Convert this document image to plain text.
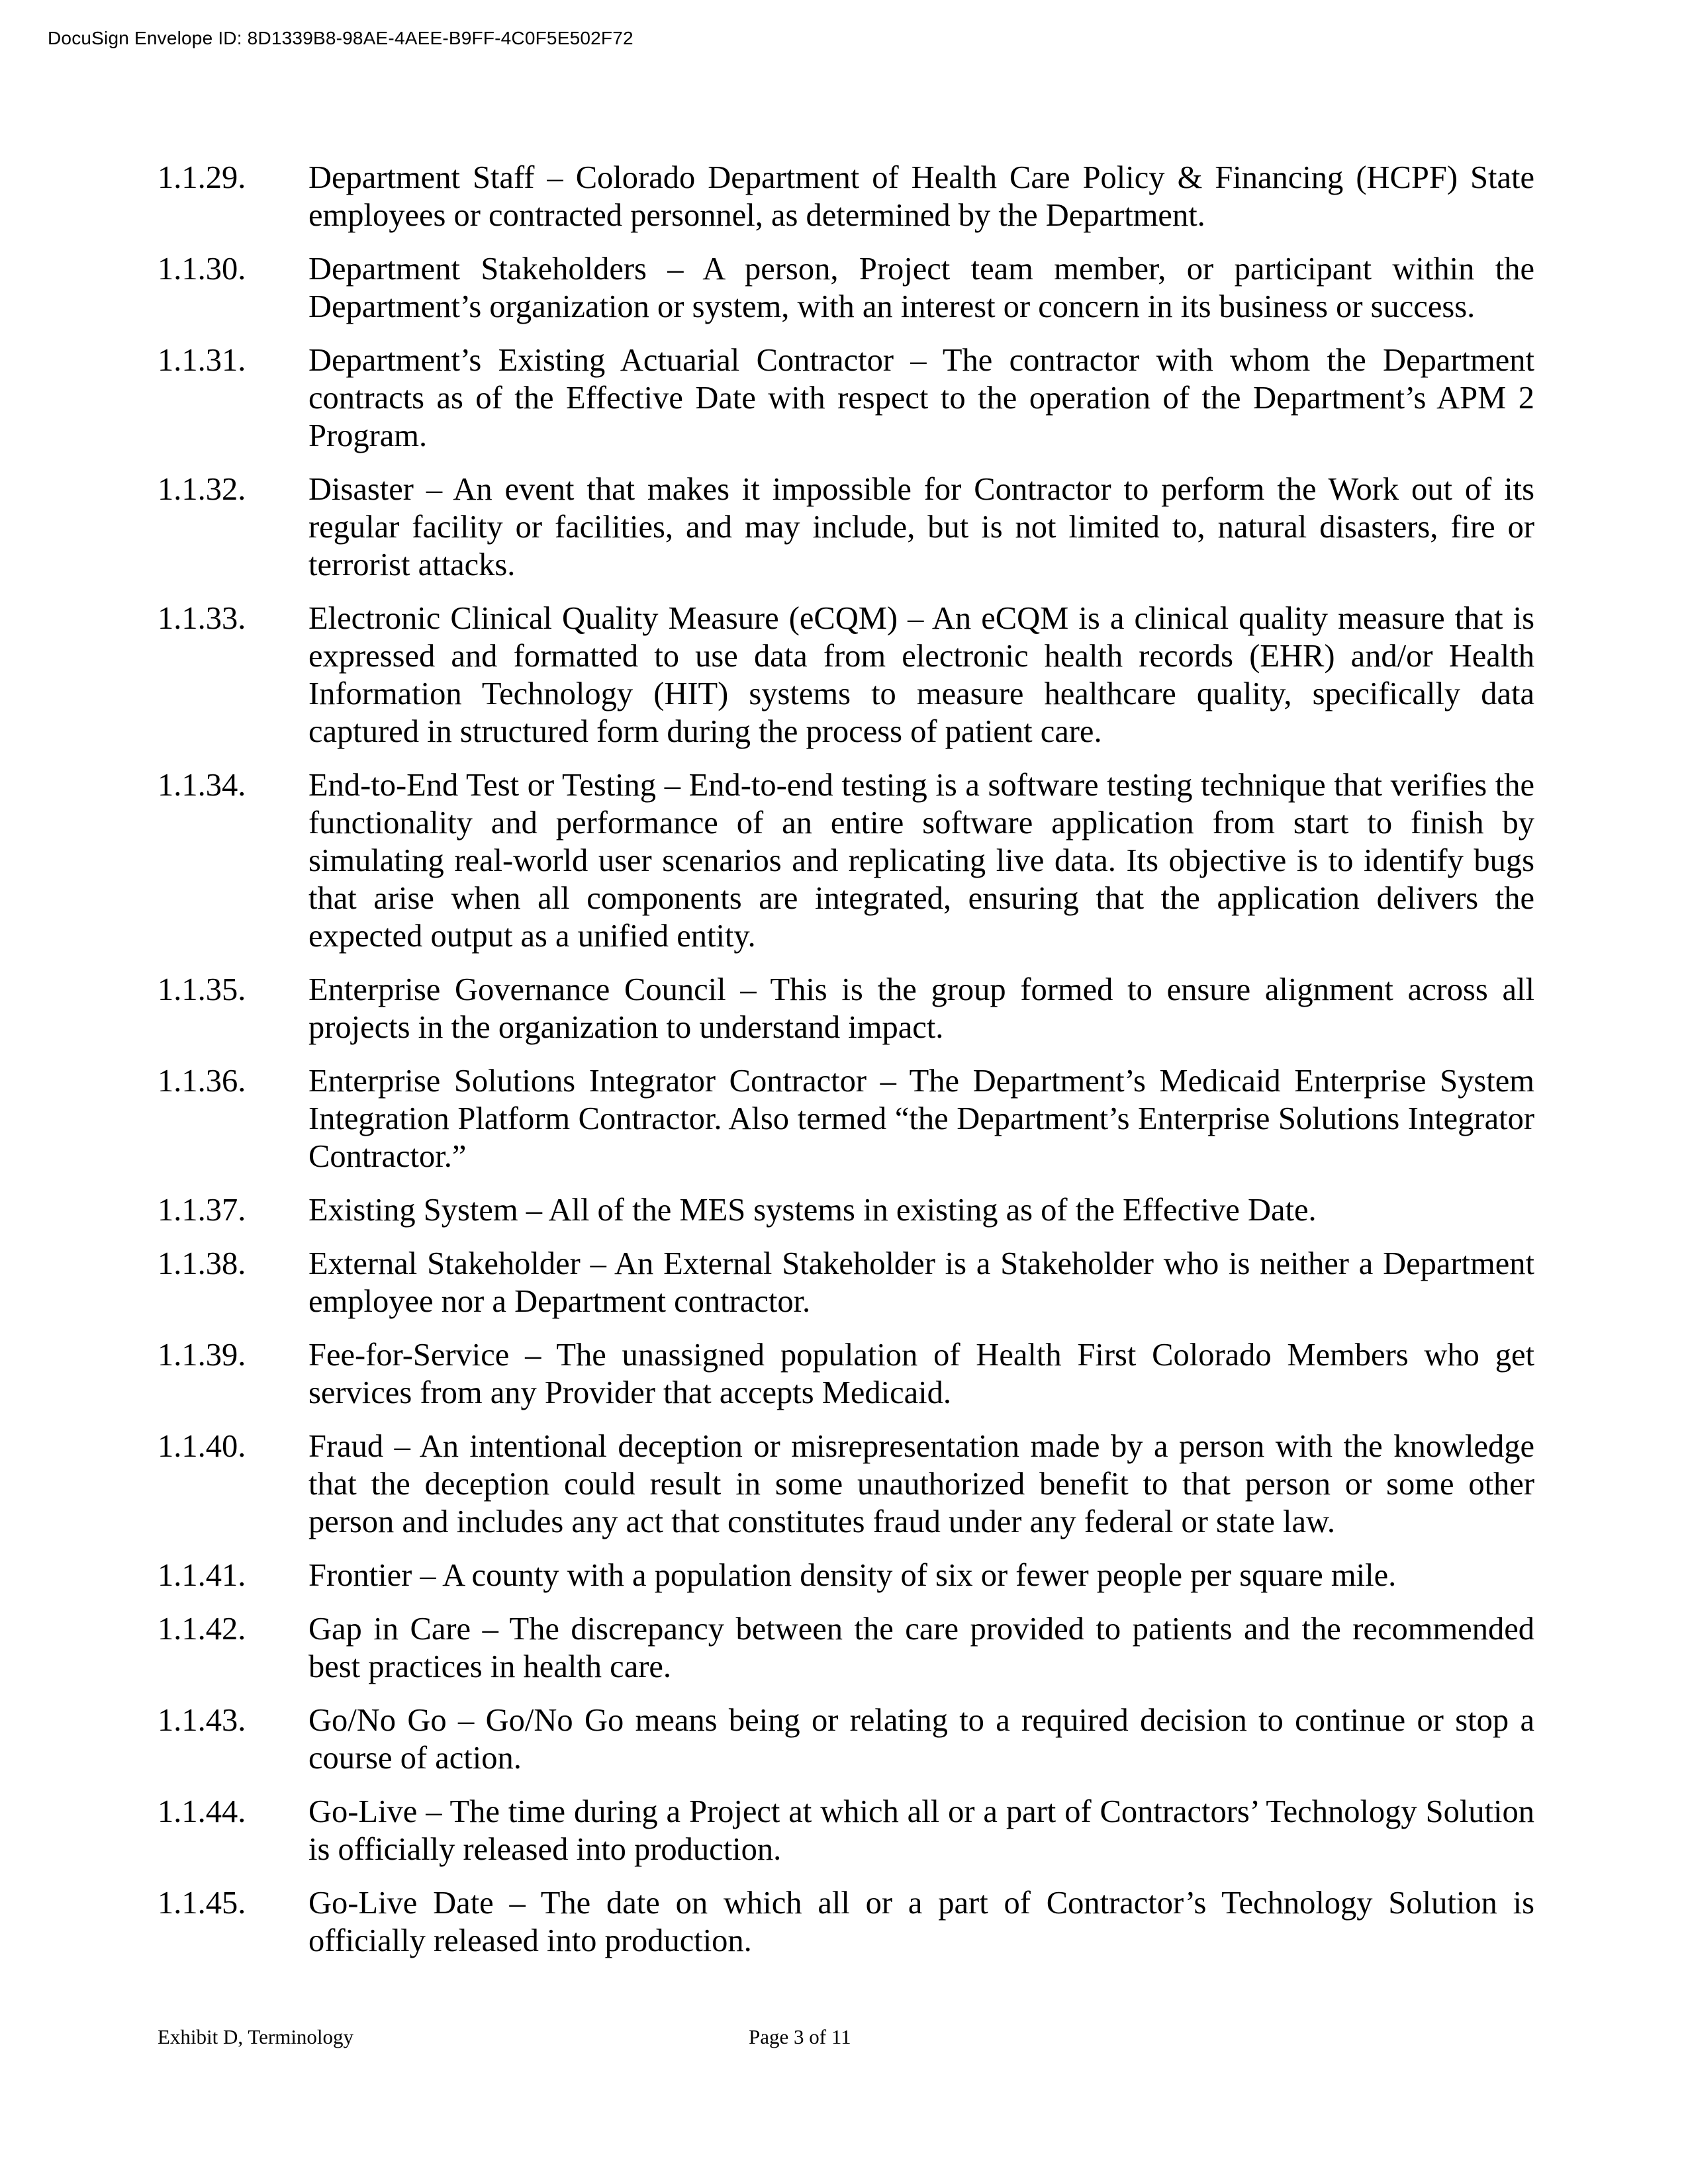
DocuSign Envelope ID: 8D1339B8-98AE-4AEE-B9FF-4C0F5E502F72
1.1.29.	Department Staff – Colorado Department of Health Care Policy & Financing (HCPF) State employees or contracted personnel, as determined by the Department.
1.1.30.	Department Stakeholders – A person, Project team member, or participant within the Department’s organization or system, with an interest or concern in its business or success.
1.1.31.	Department’s Existing Actuarial Contractor – The contractor with whom the Department contracts as of the Effective Date with respect to the operation of the Department’s APM 2 Program.
1.1.32.	Disaster – An event that makes it impossible for Contractor to perform the Work out of its regular facility or facilities, and may include, but is not limited to, natural disasters, fire or terrorist attacks.
1.1.33.	Electronic Clinical Quality Measure (eCQM) – An eCQM is a clinical quality measure that is expressed and formatted to use data from electronic health records (EHR) and/or Health Information Technology (HIT) systems to measure healthcare quality, specifically data captured in structured form during the process of patient care.
1.1.34.	End-to-End Test or Testing – End-to-end testing is a software testing technique that verifies the functionality and performance of an entire software application from start to finish by simulating real-world user scenarios and replicating live data. Its objective is to identify bugs that arise when all components are integrated, ensuring that the application delivers the expected output as a unified entity.
1.1.35.	Enterprise Governance Council – This is the group formed to ensure alignment across all projects in the organization to understand impact.
1.1.36.	Enterprise Solutions Integrator Contractor – The Department’s Medicaid Enterprise System Integration Platform Contractor. Also termed “the Department’s Enterprise Solutions Integrator Contractor.”
1.1.37.	Existing System – All of the MES systems in existing as of the Effective Date.
1.1.38.	External Stakeholder – An External Stakeholder is a Stakeholder who is neither a Department employee nor a Department contractor.
1.1.39.	Fee-for-Service – The unassigned population of Health First Colorado Members who get services from any Provider that accepts Medicaid.
1.1.40.	Fraud – An intentional deception or misrepresentation made by a person with the knowledge that the deception could result in some unauthorized benefit to that person or some other person and includes any act that constitutes fraud under any federal or state law.
1.1.41.	Frontier – A county with a population density of six or fewer people per square mile.
1.1.42.	Gap in Care – The discrepancy between the care provided to patients and the recommended best practices in health care.
1.1.43.	Go/No Go – Go/No Go means being or relating to a required decision to continue or stop a course of action.
1.1.44.	Go-Live – The time during a Project at which all or a part of Contractors’ Technology Solution is officially released into production.
1.1.45.	Go-Live Date – The date on which all or a part of Contractor’s Technology Solution is officially released into production.
Exhibit D, Terminology	Page 3 of 11
